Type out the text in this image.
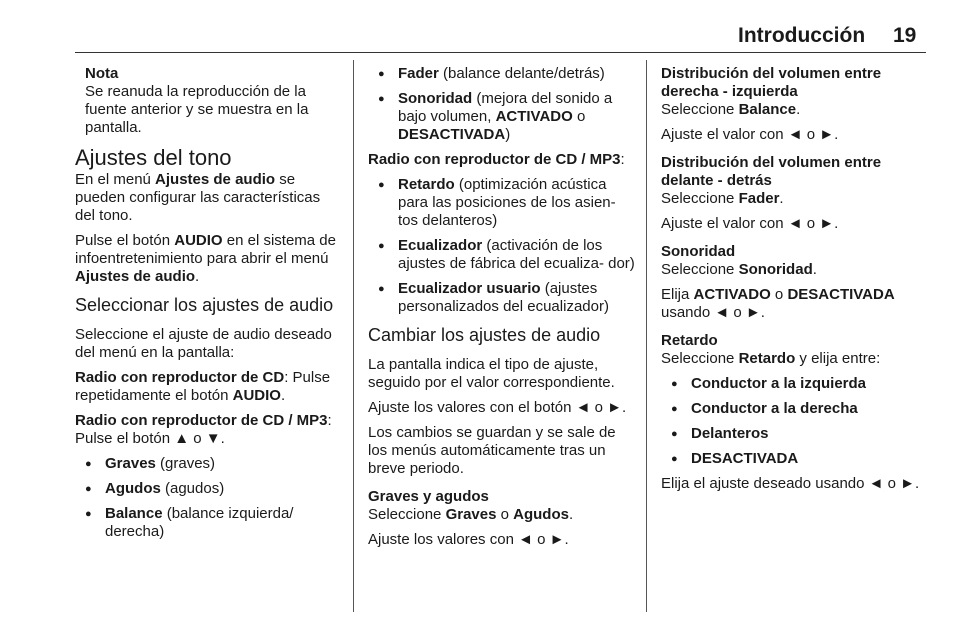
Introducción 19
Nota
Se reanuda la reproducción de la fuente anterior y se muestra en la pantalla.
Ajustes del tono

En el menú Ajustes de audio se pueden configurar las características del tono.

Pulse el botón AUDIO en el sistema de infoentretenimiento para abrir el menú Ajustes de audio.

Seleccionar los ajustes de audio

Seleccione el ajuste de audio deseado del menú en la pantalla:

Radio con reproductor de CD: Pulse repetidamente el botón AUDIO.

Radio con reproductor de CD / MP3:
Pulse el botón ▲ o ▼.

● Graves (graves)
● Agudos (agudos)
● Balance (balance izquierda/ derecha)
● Fader (balance delante/detrás)
● Sonoridad (mejora del sonido a bajo volumen, ACTIVADO o DESACTIVADA)

Radio con reproductor de CD / MP3:

● Retardo (optimización acústica para las posiciones de los asien- tos delanteros)
● Ecualizador (activación de los ajustes de fábrica del ecualiza- dor)
● Ecualizador usuario (ajustes personalizados del ecualizador)
Cambiar los ajustes de audio

La pantalla indica el tipo de ajuste, seguido por el valor correspondiente.

Ajuste los valores con el botón ◄ o ►.

Los cambios se guardan y se sale de los menús automáticamente tras un breve periodo.

Graves y agudos

Seleccione Graves o Agudos.

Ajuste los valores con ◄ o ►.

Distribución del volumen entre derecha - izquierda

Seleccione Balance.

Ajuste el valor con ◄ o ►.

Distribución del volumen entre delante - detrás

Seleccione Fader.

Ajuste el valor con ◄ o ►.

Sonoridad

Seleccione Sonoridad.

Elija ACTIVADO o DESACTIVADA usando ◄ o ►.

Retardo

Seleccione Retardo y elija entre:

● Conductor a la izquierda
● Conductor a la derecha
● Delanteros
● DESACTIVADA

Elija el ajuste deseado usando ◄ o ►.
